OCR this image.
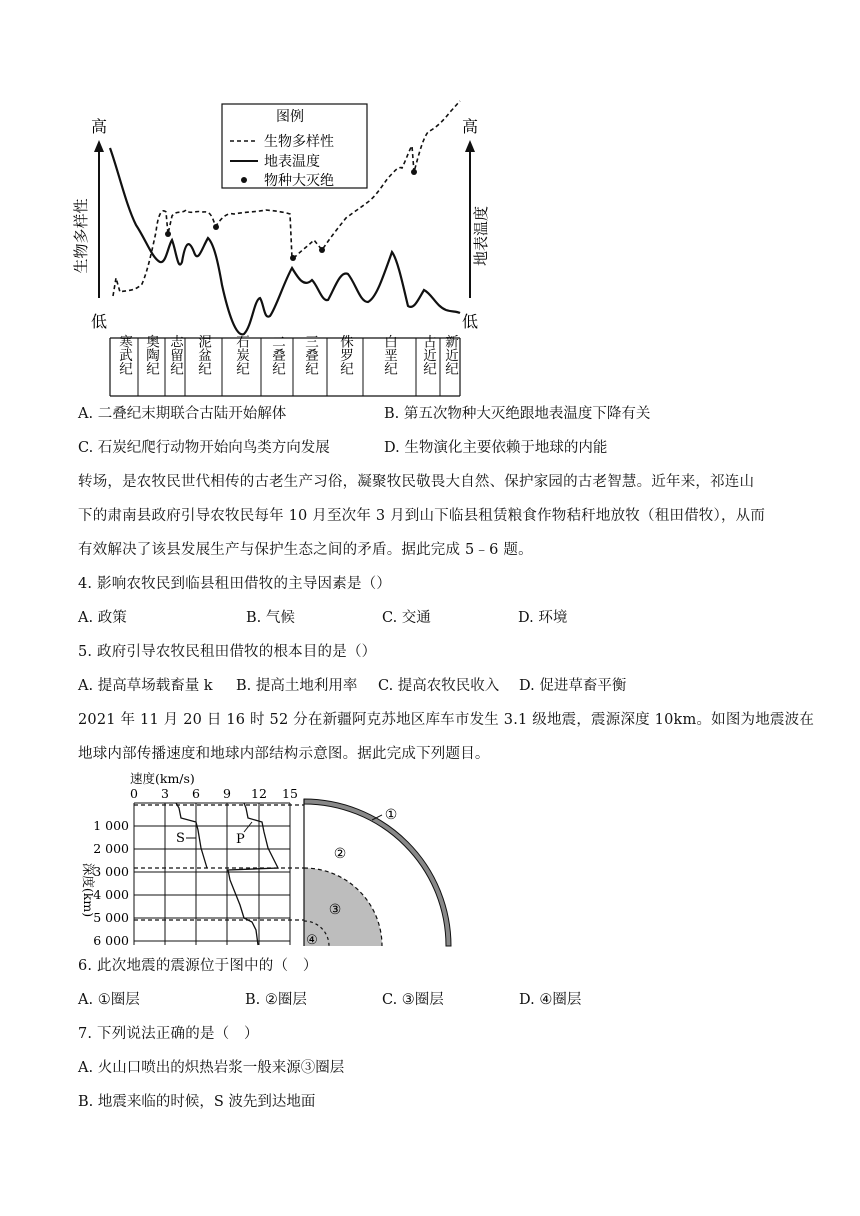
高
低
生物多样性
高
低
地表温度
寒武纪 奥陶纪 志留纪 泥盆纪 石炭纪 二叠纪 三叠纪 侏罗纪 白垩纪 古近纪 新近纪
图例
生物多样性
地表温度
物种大灭绝
A. 二叠纪末期联合古陆开始解体	B. 第五次物种大灭绝跟地表温度下降有关
C. 石炭纪爬行动物开始向鸟类方向发展	D. 生物演化主要依赖于地球的内能
转场，是农牧民世代相传的古老生产习俗，凝聚牧民敬畏大自然、保护家园的古老智慧。近年来，祁连山
下的肃南县政府引导农牧民每年 10 月至次年 3 月到山下临县租赁粮食作物秸秆地放牧（租田借牧），从而
有效解决了该县发展生产与保护生态之间的矛盾。据此完成 5﹣6 题。
4. 影响农牧民到临县租田借牧的主导因素是（）
A. 政策	B. 气候	C. 交通	D. 环境
5. 政府引导农牧民租田借牧的根本目的是（）
A. 提高草场载畜量 k B. 提高土地利用率 C. 提高农牧民收入 D. 促进草畜平衡
2021 年 11 月 20 日 16 时 52 分在新疆阿克苏地区库车市发生 3.1 级地震，震源深度 10km。如图为地震波在
地球内部传播速度和地球内部结构示意图。据此完成下列题目。
速度(km/s)
0 3 6 9 12 15
1 000
2 000
3 000
4 000
5 000
6 000
深度(km)
S	P
①
②
③
④
6. 此次地震的震源位于图中的（　）
A. ①圈层	B. ②圈层	C. ③圈层	D. ④圈层
7. 下列说法正确的是（　）
A. 火山口喷出的炽热岩浆一般来源③圈层
B. 地震来临的时候，S 波先到达地面
